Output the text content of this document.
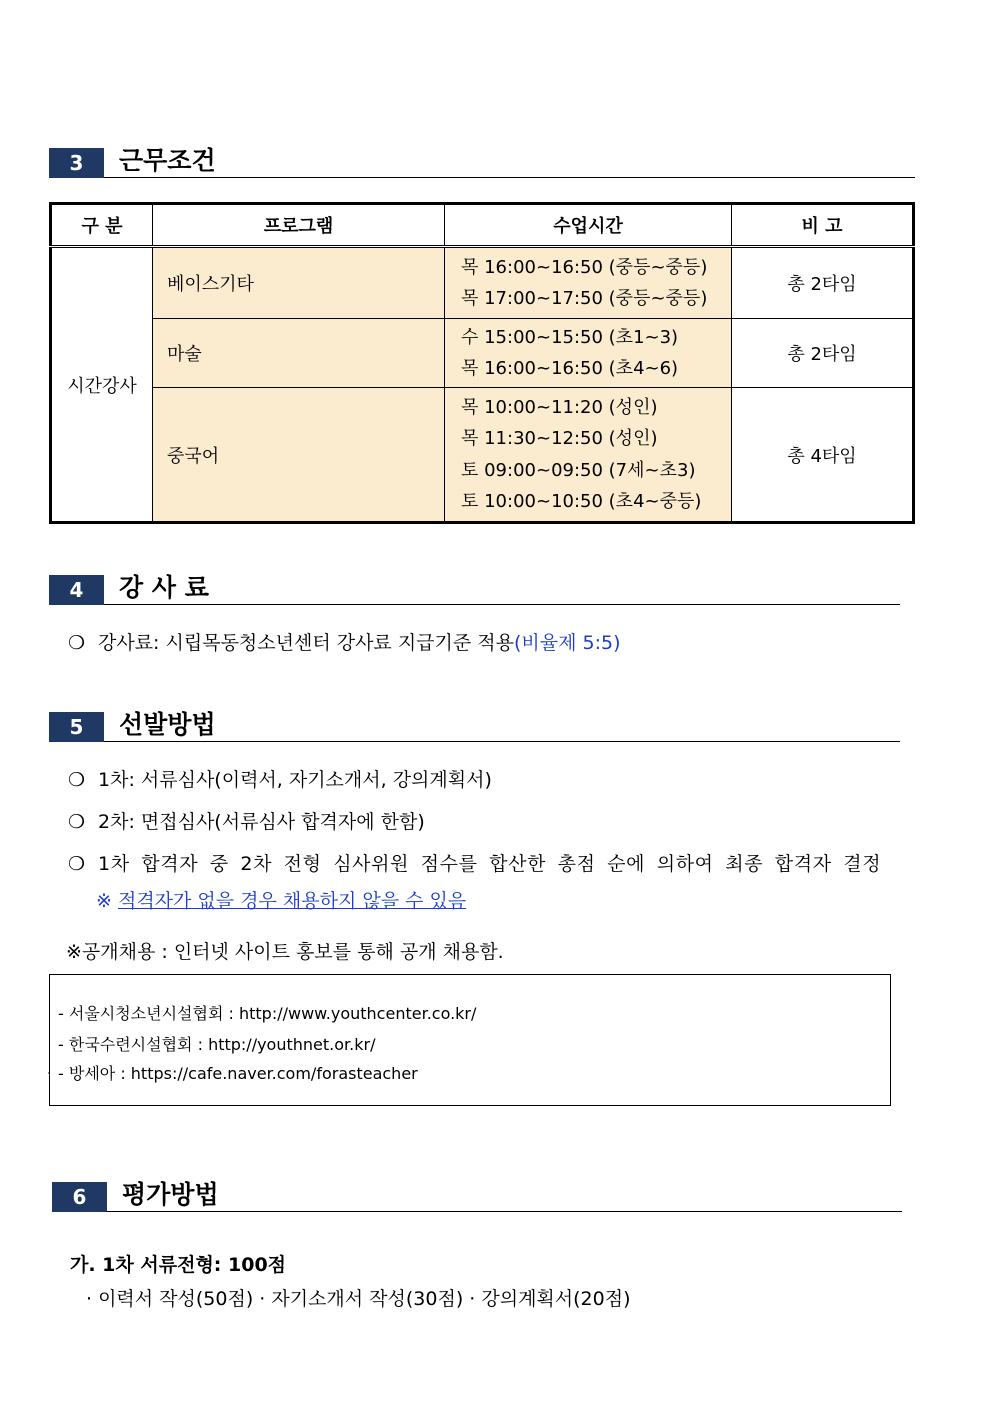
3	근무조건
구 분	프로그램	수업시간	비 고
시간강사	베이스기타	목 16:00~16:50 (중등~중등)
목 17:00~17:50 (중등~중등)	총 2타임
	마술	수 15:00~15:50 (초1~3)
목 16:00~16:50 (초4~6)	총 2타임
	중국어	목 10:00~11:20 (성인)
목 11:30~12:50 (성인)
토 09:00~09:50 (7세~초3)
토 10:00~10:50 (초4~중등)	총 4타임
4	강 사 료
❍ 강사료: 시립목동청소년센터 강사료 지급기준 적용(비율제 5:5)
5	선발방법
❍ 1차: 서류심사(이력서, 자기소개서, 강의계획서)
❍ 2차: 면접심사(서류심사 합격자에 한함)
❍ 1차 합격자 중 2차 전형 심사위원 점수를 합산한 총점 순에 의하여 최종 합격자 결정
※ 적격자가 없을 경우 채용하지 않을 수 있음
※공개채용 : 인터넷 사이트 홍보를 통해 공개 채용함.
.
- 서울시청소년시설협회 : http://www.youthcenter.co.kr/
- 한국수련시설협회 : http://youthnet.or.kr/
- 방세아 : https://cafe.naver.com/forasteacher
6	평가방법
가. 1차 서류전형: 100점
· 이력서 작성(50점) · 자기소개서 작성(30점) · 강의계획서(20점)
